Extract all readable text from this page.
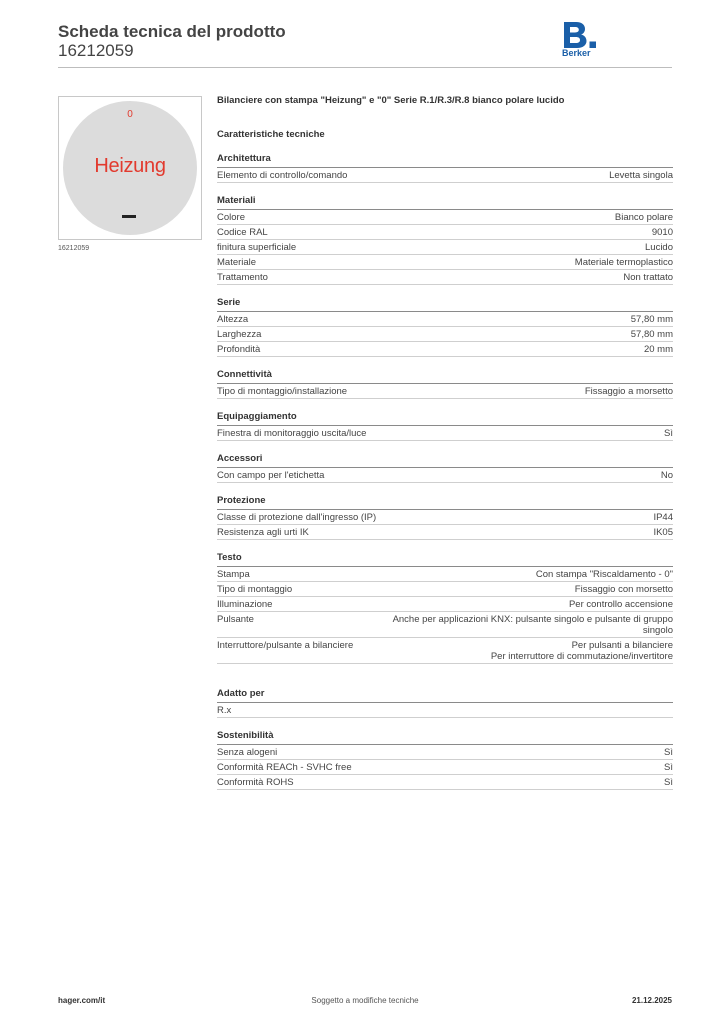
Scheda tecnica del prodotto
16212059	Berker
0
Heizung
16212059
Bilanciere con stampa "Heizung" e "0" Serie R.1/R.3/R.8 bianco polare lucido
Caratteristiche tecniche
Architettura
Elemento di controllo/comando	Levetta singola
Materiali
Colore	Bianco polare
Codice RAL	9010
finitura superficiale	Lucido
Materiale	Materiale termoplastico
Trattamento	Non trattato
Serie
Altezza	57,80 mm
Larghezza	57,80 mm
Profondità	20 mm
Connettività
Tipo di montaggio/installazione	Fissaggio a morsetto
Equipaggiamento
Finestra di monitoraggio uscita/luce	Sì
Accessori
Con campo per l'etichetta	No
Protezione
Classe di protezione dall'ingresso (IP)	IP44
Resistenza agli urti IK	IK05
Testo
Stampa	Con stampa "Riscaldamento - 0"
Tipo di montaggio	Fissaggio con morsetto
Illuminazione	Per controllo accensione
Pulsante	Anche per applicazioni KNX: pulsante singolo e pulsante di gruppo singolo
Interruttore/pulsante a bilanciere	Per pulsanti a bilanciere
Per interruttore di commutazione/invertitore
Adatto per
R.x
Sostenibilità
Senza alogeni	Sì
Conformità REACh - SVHC free	Sì
Conformità ROHS	Sì
hager.com/it	Soggetto a modifiche tecniche	21.12.2025
